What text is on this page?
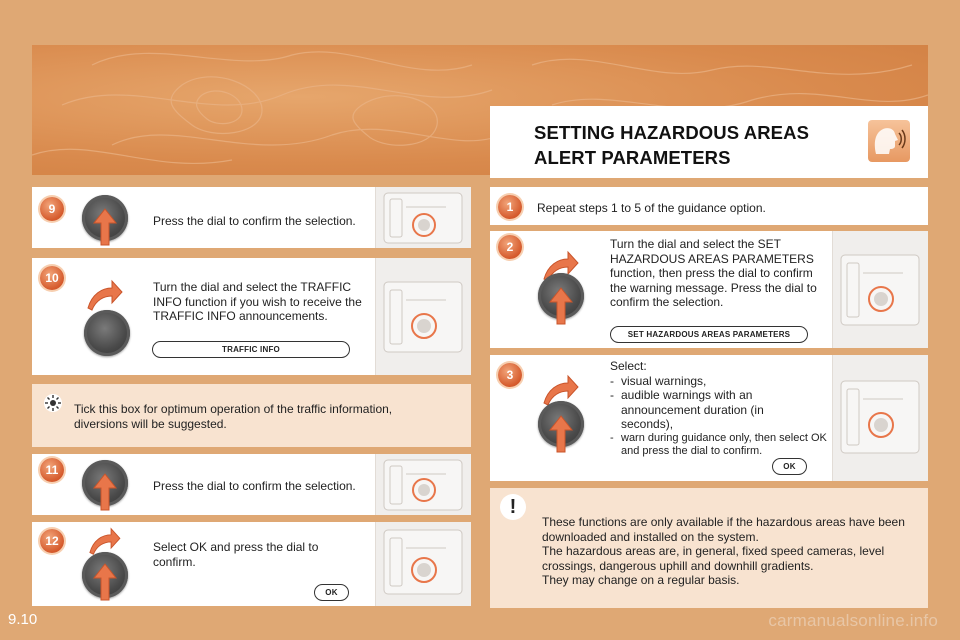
SETTING HAZARDOUS AREAS ALERT PARAMETERS
9
Press the dial to confirm the selection.
10
Turn the dial and select the TRAFFIC INFO function if you wish to receive the TRAFFIC INFO announcements.
TRAFFIC INFO
Tick this box for optimum operation of the traffic information, diversions will be suggested.
11
Press the dial to confirm the selection.
12	Select OK and press the dial to confirm.
OK
1	Repeat steps 1 to 5 of the guidance option.
2	Turn the dial and select the SET HAZARDOUS AREAS PARAMETERS function, then press the dial to confirm the warning message. Press the dial to confirm the selection.
SET HAZARDOUS AREAS PARAMETERS
3
Select:
- visual warnings,
- audible warnings with an announcement duration (in seconds),
- warn during guidance only, then select OK and press the dial to confirm.
OK
!
These functions are only available if the hazardous areas have been downloaded and installed on the system.
The hazardous areas are, in general, fixed speed cameras, level crossings, dangerous uphill and downhill gradients.
They may change on a regular basis.
9.10	carmanualsonline.info
